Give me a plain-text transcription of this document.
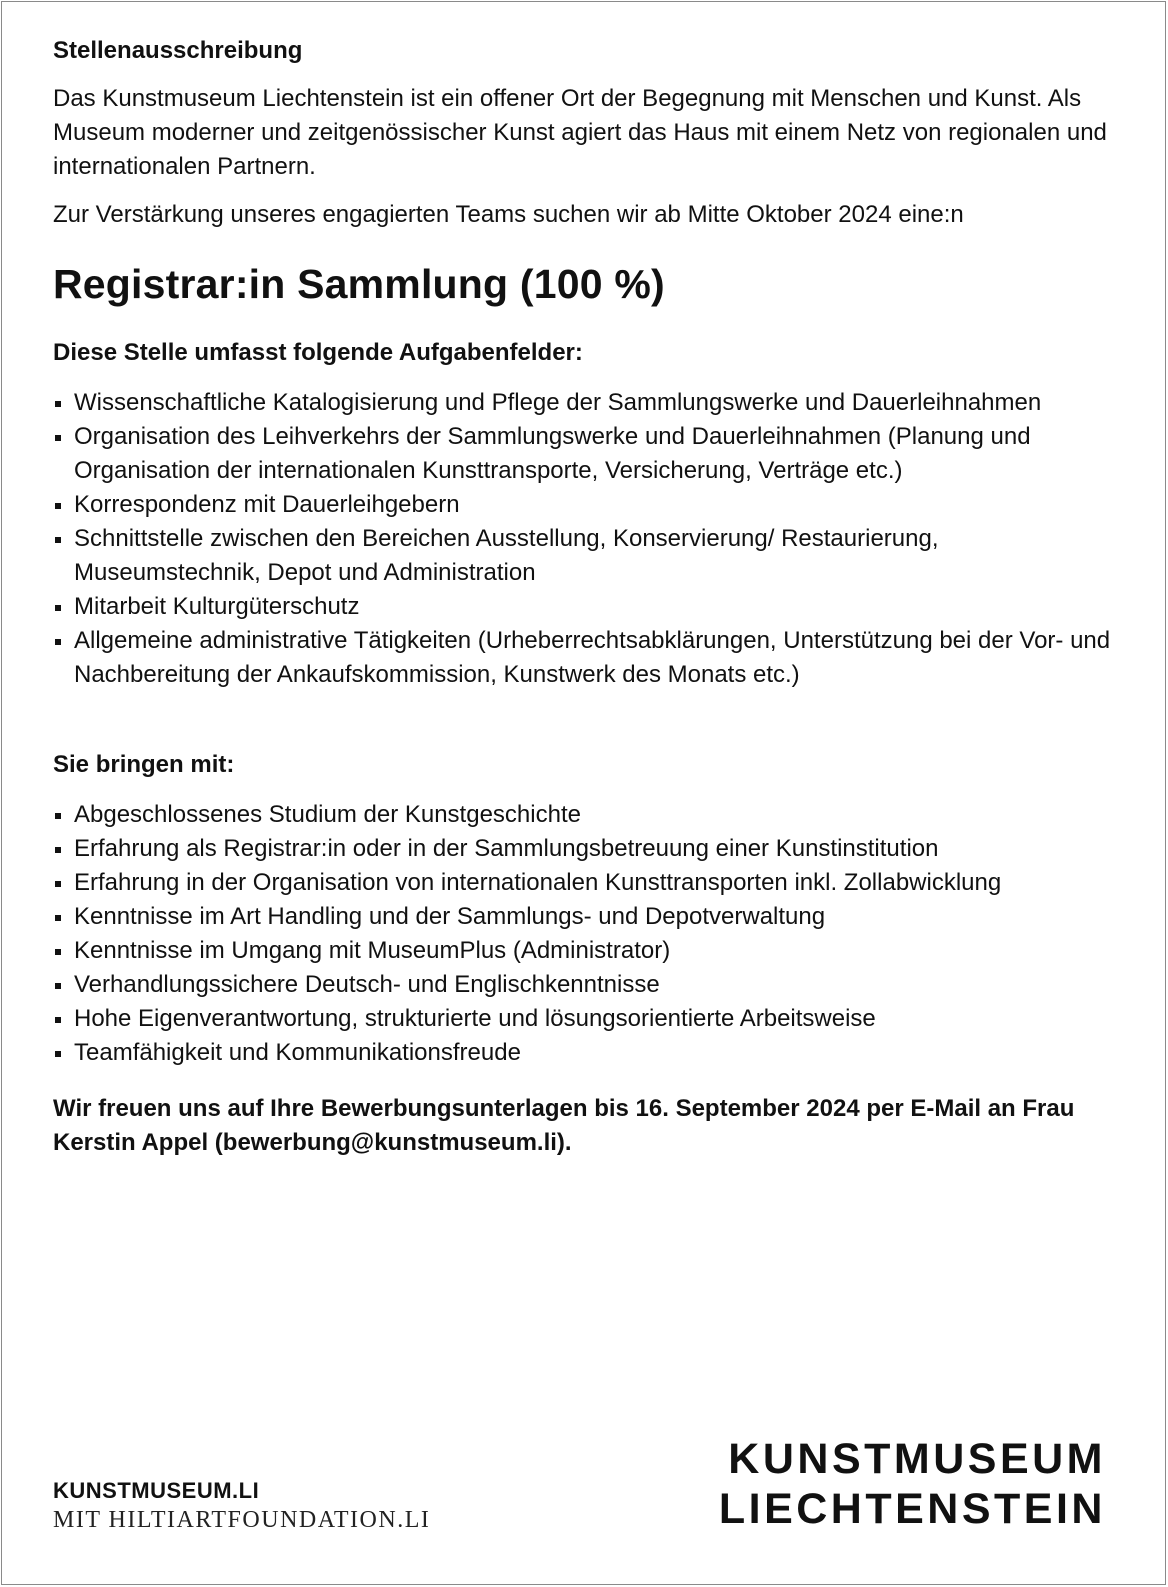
Stellenausschreibung

Das Kunstmuseum Liechtenstein ist ein offener Ort der Begegnung mit Menschen und Kunst. Als Museum moderner und zeitgenössischer Kunst agiert das Haus mit einem Netz von regionalen und internationalen Partnern.

Zur Verstärkung unseres engagierten Teams suchen wir ab Mitte Oktober 2024 eine:n

Registrar:in Sammlung (100 %)
Diese Stelle umfasst folgende Aufgabenfelder:
Wissenschaftliche Katalogisierung und Pflege der Sammlungswerke und Dauerleihnahmen
Organisation des Leihverkehrs der Sammlungswerke und Dauerleihnahmen (Planung und Organisation der internationalen Kunsttransporte, Versicherung, Verträge etc.)
Korrespondenz mit Dauerleihgebern
Schnittstelle zwischen den Bereichen Ausstellung, Konservierung/ Restaurierung, Museumstechnik, Depot und Administration
Mitarbeit Kulturgüterschutz
Allgemeine administrative Tätigkeiten (Urheberrechtsabklärungen, Unterstützung bei der Vor- und Nachbereitung der Ankaufskommission, Kunstwerk des Monats etc.)
Sie bringen mit:
Abgeschlossenes Studium der Kunstgeschichte
Erfahrung als Registrar:in oder in der Sammlungsbetreuung einer Kunstinstitution
Erfahrung in der Organisation von internationalen Kunsttransporten inkl. Zollabwicklung
Kenntnisse im Art Handling und der Sammlungs- und Depotverwaltung
Kenntnisse im Umgang mit MuseumPlus (Administrator)
Verhandlungssichere Deutsch- und Englischkenntnisse
Hohe Eigenverantwortung, strukturierte und lösungsorientierte Arbeitsweise
Teamfähigkeit und Kommunikationsfreude

Wir freuen uns auf Ihre Bewerbungsunterlagen bis 16. September 2024 per E-Mail an Frau Kerstin Appel (bewerbung@kunstmuseum.li).

KUNSTMUSEUM.LI
MIT HILTIARTFOUNDATION.LI
KUNSTMUSEUM
LIECHTENSTEIN
